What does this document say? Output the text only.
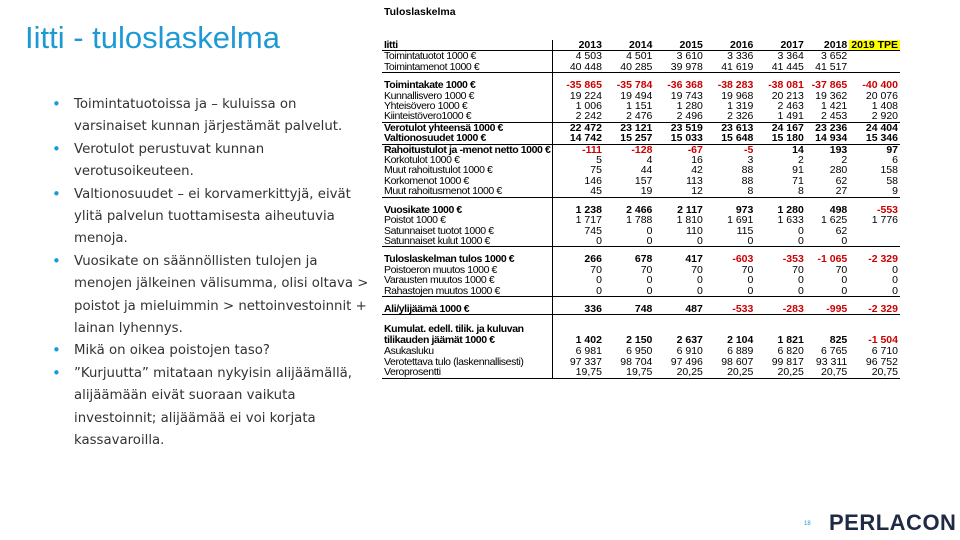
Iitti - tuloslaskelma
• Toimintatuotoissa ja – kuluissa on varsinaiset kunnan järjestämät palvelut.
• Verotulot perustuvat kunnan verotusoikeuteen.
• Valtionosuudet – ei korvamerkittyjä, eivät ylitä palvelun tuottamisesta aiheutuvia menoja.
• Vuosikate on säännöllisten tulojen ja menojen jälkeinen välisumma, olisi oltava > poistot ja mieluimmin > nettoinvestoinnit + lainan lyhennys.
• Mikä on oikea poistojen taso?
• ”Kurjuutta” mitataan nykyisin alijäämällä, alijäämään eivät suoraan vaikuta investoinnit; alijäämää ei voi korjata kassavaroilla.
Tuloslaskelma
Iitti	2013	2014	2015	2016	2017	2018	2019 TPE
Toimintatuotot 1000 €	4 503	4 501	3 610	3 336	3 364	3 652	
Toimintamenot 1000 €	40 448	40 285	39 978	41 619	41 445	41 517	

Toimintakate 1000 €	-35 865	-35 784	-36 368	-38 283	-38 081	-37 865	-40 400
Kunnallisvero 1000 €	19 224	19 494	19 743	19 968	20 213	19 362	20 076
Yhteisövero 1000 €	1 006	1 151	1 280	1 319	2 463	1 421	1 408
Kiinteistövero1000 €	2 242	2 476	2 496	2 326	1 491	2 453	2 920
Verotulot yhteensä 1000 €	22 472	23 121	23 519	23 613	24 167	23 236	24 404
Valtionosuudet 1000 €	14 742	15 257	15 033	15 648	15 180	14 934	15 346
Rahoitustulot ja -menot netto 1000 €	-111	-128	-67	-5	14	193	97
Korkotulot 1000 €	5	4	16	3	2	2	6
Muut rahoitustulot 1000 €	75	44	42	88	91	280	158
Korkomenot 1000 €	146	157	113	88	71	62	58
Muut rahoitusmenot 1000 €	45	19	12	8	8	27	9

Vuosikate 1000 €	1 238	2 466	2 117	973	1 280	498	-553
Poistot 1000 €	1 717	1 788	1 810	1 691	1 633	1 625	1 776
Satunnaiset tuotot 1000 €	745	0	110	115	0	62	
Satunnaiset kulut 1000 €	0	0	0	0	0	0	

Tuloslaskelman tulos 1000 €	266	678	417	-603	-353	-1 065	-2 329
Poistoeron muutos 1000 €	70	70	70	70	70	70	0
Varausten muutos 1000 €	0	0	0	0	0	0	0
Rahastojen muutos 1000 €	0	0	0	0	0	0	0

Ali/ylijäämä 1000 €	336	748	487	-533	-283	-995	-2 329

Kumulat. edell. tilik. ja kuluvan tilikauden jäämät 1000 €	1 402	2 150	2 637	2 104	1 821	825	-1 504
Asukasluku	6 981	6 950	6 910	6 889	6 820	6 765	6 710
Verotettava tulo (laskennallisesti)	97 337	98 704	97 496	98 607	99 817	93 311	96 752
Veroprosentti	19,75	19,75	20,25	20,25	20,25	20,75	20,75
18 PERLACON
